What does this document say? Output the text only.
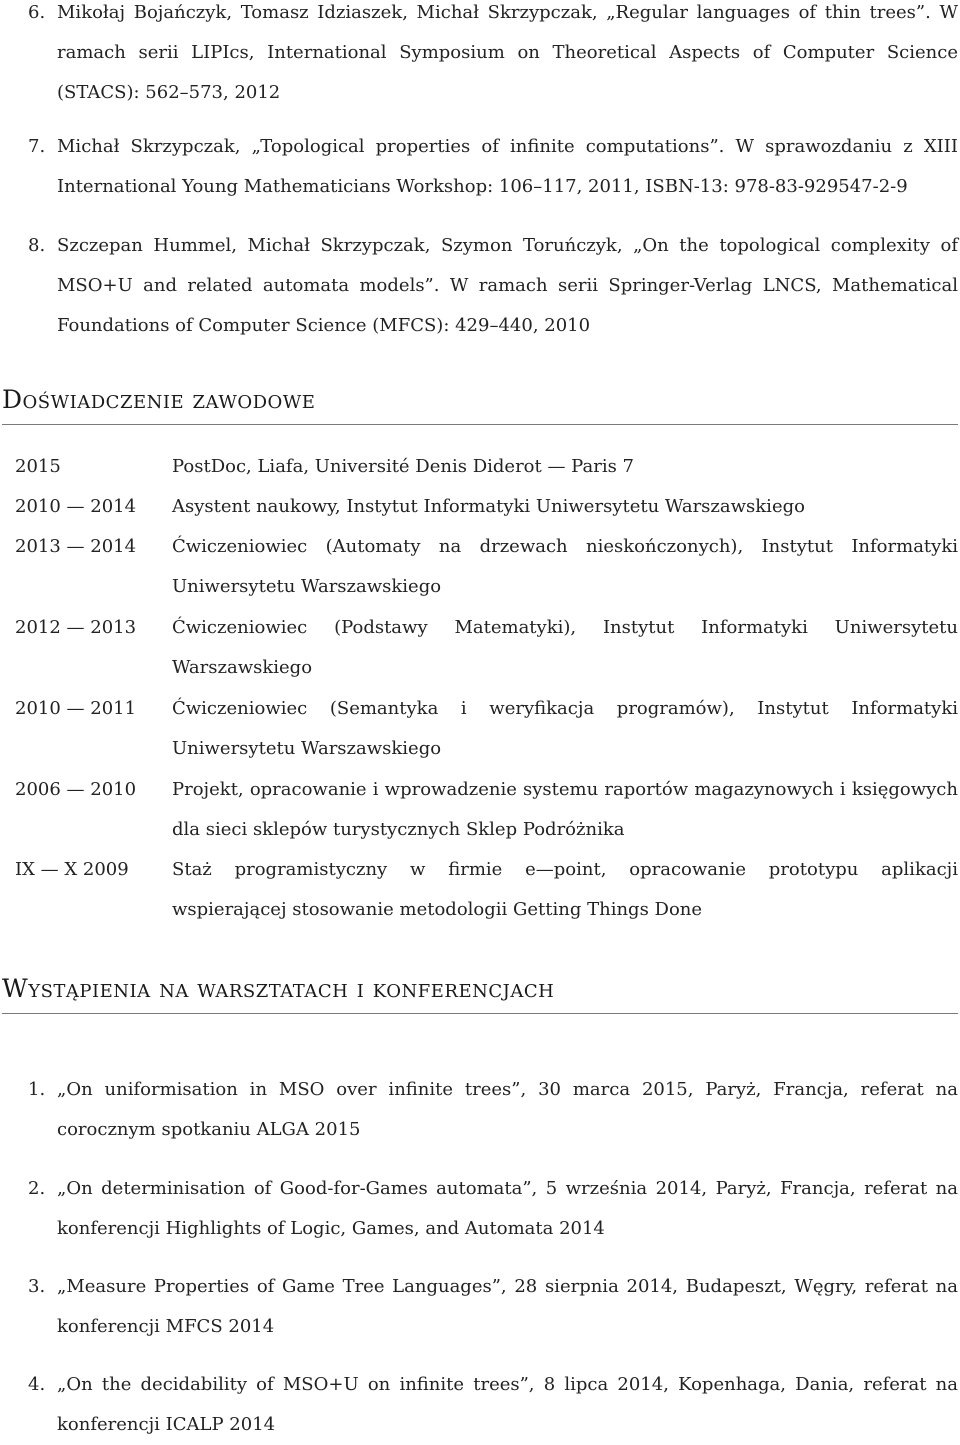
6. Mikołaj Bojańczyk, Tomasz Idziaszek, Michał Skrzypczak, „Regular languages of thin trees”. W ramach serii LIPIcs, International Symposium on Theoretical Aspects of Computer Science (STACS): 562–573, 2012
7. Michał Skrzypczak, „Topological properties of infinite computations”. W sprawozdaniu z XIII International Young Mathematicians Workshop: 106–117, 2011, ISBN-13: 978-83-929547-2-9
8. Szczepan Hummel, Michał Skrzypczak, Szymon Toruńczyk, „On the topological complexity of MSO+U and related automata models”. W ramach serii Springer-Verlag LNCS, Mathematical Foundations of Computer Science (MFCS): 429–440, 2010
Doświadczenie zawodowe
2015	PostDoc, Liafa, Université Denis Diderot — Paris 7
2010 — 2014	Asystent naukowy, Instytut Informatyki Uniwersytetu Warszawskiego
2013 — 2014	Ćwiczeniowiec (Automaty na drzewach nieskończonych), Instytut Informatyki Uniwersytetu Warszawskiego
2012 — 2013	Ćwiczeniowiec (Podstawy Matematyki), Instytut Informatyki Uniwersytetu Warszawskiego
2010 — 2011	Ćwiczeniowiec (Semantyka i weryfikacja programów), Instytut Informatyki Uniwersytetu Warszawskiego
2006 — 2010	Projekt, opracowanie i wprowadzenie systemu raportów magazynowych i księgowych dla sieci sklepów turystycznych Sklep Podróżnika
IX — X 2009	Staż programistyczny w firmie e—point, opracowanie prototypu aplikacji wspierającej stosowanie metodologii Getting Things Done
Wystąpienia na warsztatach i konferencjach
1. „On uniformisation in MSO over infinite trees”, 30 marca 2015, Paryż, Francja, referat na corocznym spotkaniu ALGA 2015
2. „On determinisation of Good-for-Games automata”, 5 września 2014, Paryż, Francja, referat na konferencji Highlights of Logic, Games, and Automata 2014
3. „Measure Properties of Game Tree Languages”, 28 sierpnia 2014, Budapeszt, Węgry, referat na konferencji MFCS 2014
4. „On the decidability of MSO+U on infinite trees”, 8 lipca 2014, Kopenhaga, Dania, referat na konferencji ICALP 2014
